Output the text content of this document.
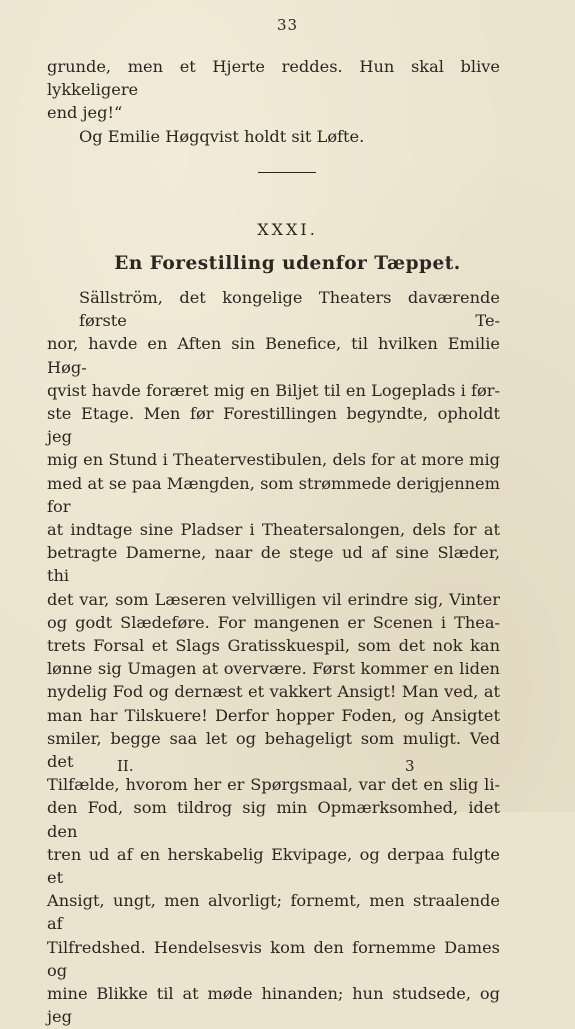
33
grunde, men et Hjerte reddes. Hun skal blive lykkeligere
end jeg!“
Og Emilie Høgqvist holdt sit Løfte.
XXXI.
En Forestilling udenfor Tæppet.
Sällström, det kongelige Theaters daværende første Te-
nor, havde en Aften sin Benefice, til hvilken Emilie Høg-
qvist havde foræret mig en Biljet til en Logeplads i før-
ste Etage. Men før Forestillingen begyndte, opholdt jeg
mig en Stund i Theatervestibulen, dels for at more mig
med at se paa Mængden, som strømmede derigjennem for
at indtage sine Pladser i Theatersalongen, dels for at
betragte Damerne, naar de stege ud af sine Slæder, thi
det var, som Læseren velvilligen vil erindre sig, Vinter
og godt Slædeføre. For mangenen er Scenen i Thea-
trets Forsal et Slags Gratisskuespil, som det nok kan
lønne sig Umagen at overvære. Først kommer en liden
nydelig Fod og dernæst et vakkert Ansigt! Man ved, at
man har Tilskuere! Derfor hopper Foden, og Ansigtet
smiler, begge saa let og behageligt som muligt. Ved det
Tilfælde, hvorom her er Spørgsmaal, var det en slig li-
den Fod, som tildrog sig min Opmærksomhed, idet den
tren ud af en herskabelig Ekvipage, og derpaa fulgte et
Ansigt, ungt, men alvorligt; fornemt, men straalende af
Tilfredshed. Hendelsesvis kom den fornemme Dames og
mine Blikke til at møde hinanden; hun studsede, og jeg
II.	3
